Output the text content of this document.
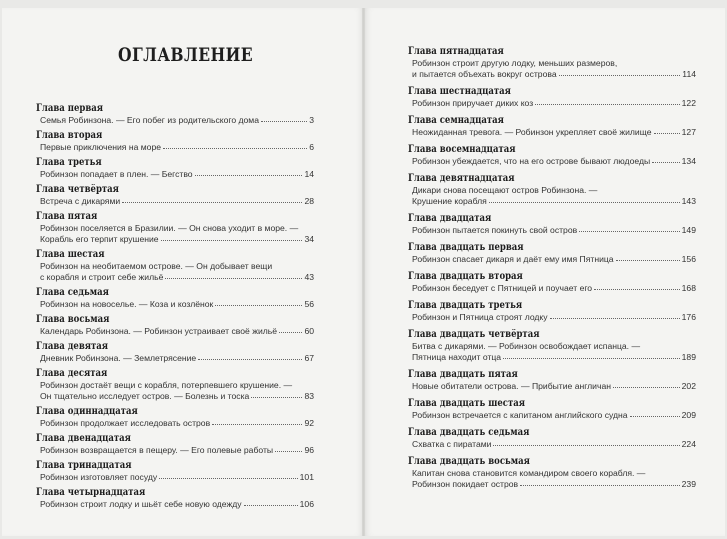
ОГЛАВЛЕНИЕ
Глава первая
Семья Робинзона. — Его побег из родительского дома	3
Глава вторая
Первые приключения на море	6
Глава третья
Робинзон попадает в плен. — Бегство	14
Глава четвёртая
Встреча с дикарями	28
Глава пятая
Робинзон поселяется в Бразилии. — Он снова уходит в море. —
Корабль его терпит крушение	34
Глава шестая
Робинзон на необитаемом острове. — Он добывает вещи
с корабля и строит себе жильё	43
Глава седьмая
Робинзон на новоселье. — Коза и козлёнок	56
Глава восьмая
Календарь Робинзона. — Робинзон устраивает своё жильё	60
Глава девятая
Дневник Робинзона. — Землетрясение	67
Глава десятая
Робинзон достаёт вещи с корабля, потерпевшего крушение. —
Он тщательно исследует остров. — Болезнь и тоска	83
Глава одиннадцатая
Робинзон продолжает исследовать остров	92
Глава двенадцатая
Робинзон возвращается в пещеру. — Его полевые работы	96
Глава тринадцатая
Робинзон изготовляет посуду	101
Глава четырнадцатая
Робинзон строит лодку и шьёт себе новую одежду	106
Глава пятнадцатая
Робинзон строит другую лодку, меньших размеров,
и пытается объехать вокруг острова	114
Глава шестнадцатая
Робинзон приручает диких коз	122
Глава семнадцатая
Неожиданная тревога. — Робинзон укрепляет своё жилище	127
Глава восемнадцатая
Робинзон убеждается, что на его острове бывают людоеды	134
Глава девятнадцатая
Дикари снова посещают остров Робинзона. —
Крушение корабля	143
Глава двадцатая
Робинзон пытается покинуть свой остров	149
Глава двадцать первая
Робинзон спасает дикаря и даёт ему имя Пятница	156
Глава двадцать вторая
Робинзон беседует с Пятницей и поучает его	168
Глава двадцать третья
Робинзон и Пятница строят лодку	176
Глава двадцать четвёртая
Битва с дикарями. — Робинзон освобождает испанца. —
Пятница находит отца	189
Глава двадцать пятая
Новые обитатели острова. — Прибытие англичан	202
Глава двадцать шестая
Робинзон встречается с капитаном английского судна	209
Глава двадцать седьмая
Схватка с пиратами	224
Глава двадцать восьмая
Капитан снова становится командиром своего корабля. —
Робинзон покидает остров	239
